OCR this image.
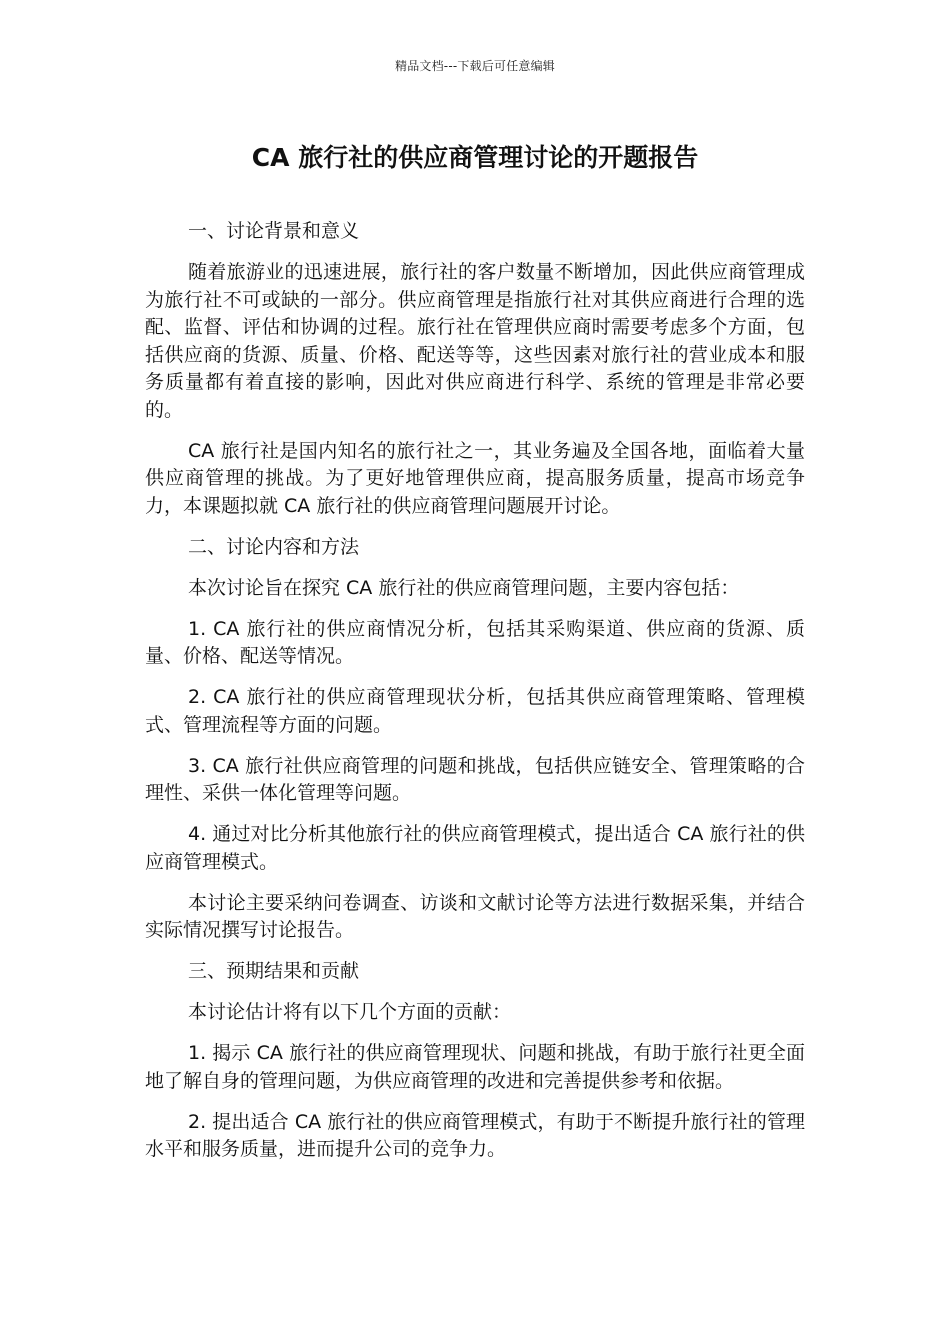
精品文档---下载后可任意编辑
CA 旅行社的供应商管理讨论的开题报告

一、讨论背景和意义

随着旅游业的迅速进展，旅行社的客户数量不断增加，因此供应商管理成为旅行社不可或缺的一部分。供应商管理是指旅行社对其供应商进行合理的选配、监督、评估和协调的过程。旅行社在管理供应商时需要考虑多个方面，包括供应商的货源、质量、价格、配送等等，这些因素对旅行社的营业成本和服务质量都有着直接的影响，因此对供应商进行科学、系统的管理是非常必要的。

CA 旅行社是国内知名的旅行社之一，其业务遍及全国各地，面临着大量供应商管理的挑战。为了更好地管理供应商，提高服务质量，提高市场竞争力，本课题拟就 CA 旅行社的供应商管理问题展开讨论。

二、讨论内容和方法

本次讨论旨在探究 CA 旅行社的供应商管理问题，主要内容包括：

1. CA 旅行社的供应商情况分析，包括其采购渠道、供应商的货源、质量、价格、配送等情况。

2. CA 旅行社的供应商管理现状分析，包括其供应商管理策略、管理模式、管理流程等方面的问题。

3. CA 旅行社供应商管理的问题和挑战，包括供应链安全、管理策略的合理性、采供一体化管理等问题。

4. 通过对比分析其他旅行社的供应商管理模式，提出适合 CA 旅行社的供应商管理模式。

本讨论主要采纳问卷调查、访谈和文献讨论等方法进行数据采集，并结合实际情况撰写讨论报告。

三、预期结果和贡献

本讨论估计将有以下几个方面的贡献：

1. 揭示 CA 旅行社的供应商管理现状、问题和挑战，有助于旅行社更全面地了解自身的管理问题，为供应商管理的改进和完善提供参考和依据。

2. 提出适合 CA 旅行社的供应商管理模式，有助于不断提升旅行社的管理水平和服务质量，进而提升公司的竞争力。
